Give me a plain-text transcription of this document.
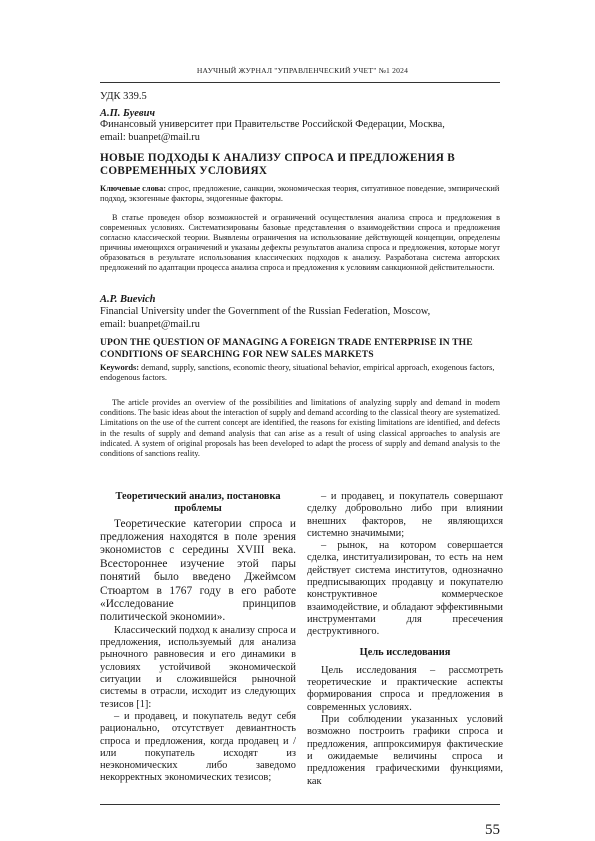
НАУЧНЫЙ ЖУРНАЛ "УПРАВЛЕНЧЕСКИЙ УЧЕТ" №1 2024
УДК 339.5
А.П. Буевич
Финансовый университет при Правительстве Российской Федерации, Москва,
email: buanpet@mail.ru
НОВЫЕ ПОДХОДЫ К АНАЛИЗУ СПРОСА И ПРЕДЛОЖЕНИЯ В СОВРЕМЕННЫХ УСЛОВИЯХ
Ключевые слова: спрос, предложение, санкции, экономическая теория, ситуативное поведение, эмпирический подход, экзогенные факторы, эндогенные факторы.
В статье проведен обзор возможностей и ограничений осуществления анализа спроса и предложения в современных условиях. Систематизированы базовые представления о взаимодействии спроса и предложения согласно классической теории. Выявлены ограничения на использование действующей концепции, определены причины имеющихся ограничений и указаны дефекты результатов анализа спроса и предложения, которые могут образоваться в результате использования классических подходов к анализу. Разработана система авторских предложений по адаптации процесса анализа спроса и предложения к условиям санкционной действительности.
A.P. Buevich
Financial University under the Government of the Russian Federation, Moscow,
email: buanpet@mail.ru
UPON THE QUESTION OF MANAGING A FOREIGN TRADE ENTERPRISE IN THE CONDITIONS OF SEARCHING FOR NEW SALES MARKETS
Keywords: demand, supply, sanctions, economic theory, situational behavior, empirical approach, exogenous factors, endogenous factors.
The article provides an overview of the possibilities and limitations of analyzing supply and demand in modern conditions. The basic ideas about the interaction of supply and demand according to the classical theory are systematized. Limitations on the use of the current concept are identified, the reasons for existing limitations are identified, and defects in the results of supply and demand analysis that can arise as a result of using classical approaches to analysis are indicated. A system of original proposals has been developed to adapt the process of supply and demand analysis to the conditions of sanctions reality.
Теоретический анализ, постановка проблемы

Теоретические категории спроса и предложения находятся в поле зрения экономистов с середины XVIII века. Всестороннее изучение этой пары понятий было введено Джеймсом Стюартом в 1767 году в его работе «Исследование принципов политической экономии».

Классический подход к анализу спроса и предложения, используемый для анализа рыночного равновесия и его динамики в условиях устойчивой экономической ситуации и сложившейся рыночной системы в отрасли, исходит из следующих тезисов [1]:

– и продавец, и покупатель ведут себя рационально, отсутствует девиантность спроса и предложения, когда продавец и / или покупатель исходят из неэкономических либо заведомо некорректных экономических тезисов;

– и продавец, и покупатель совершают сделку добровольно либо при влиянии внешних факторов, не являющихся системно значимыми;

– рынок, на котором совершается сделка, институализирован, то есть на нем действует система институтов, однозначно предписывающих продавцу и покупателю конструктивное коммерческое взаимодействие, и обладают эффективными инструментами для пресечения деструктивного.

Цель исследования

Цель исследования – рассмотреть теоретические и практические аспекты формирования спроса и предложения в современных условиях.

При соблюдении указанных условий возможно построить графики спроса и предложения, аппроксимируя фактические и ожидаемые величины спроса и предложения графическими функциями, как

55
